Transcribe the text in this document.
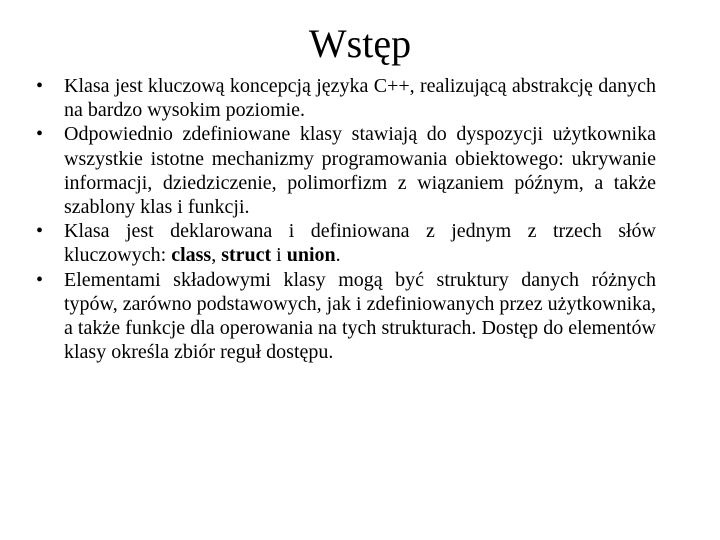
Wstęp
•	Klasa jest kluczową koncepcją języka C++, realizującą abstrakcję danych na bardzo wysokim poziomie.
•	Odpowiednio zdefiniowane klasy stawiają do dyspozycji użytkownika wszystkie istotne mechanizmy programowania obiektowego: ukrywanie informacji, dziedziczenie, polimorfizm z wiązaniem późnym, a także szablony klas i funkcji.
•	Klasa jest deklarowana i definiowana z jednym z trzech słów kluczowych: class, struct i union.
•	Elementami składowymi klasy mogą być struktury danych różnych typów, zarówno podstawowych, jak i zdefiniowanych przez użytkownika, a także funkcje dla operowania na tych strukturach. Dostęp do elementów klasy określa zbiór reguł dostępu.
